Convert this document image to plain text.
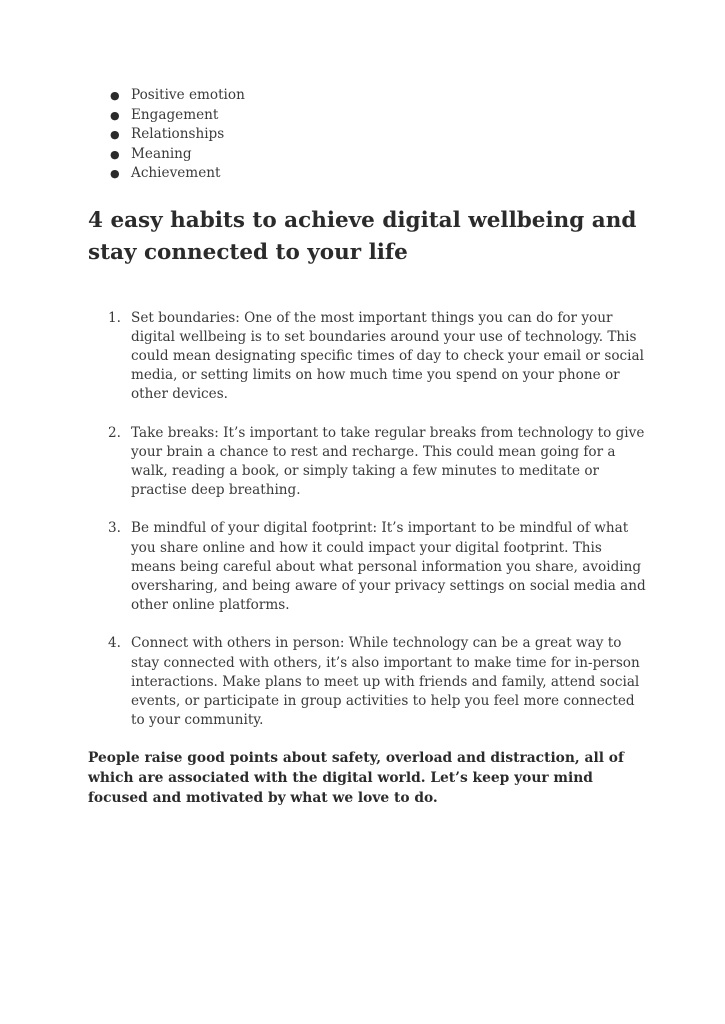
● Positive emotion
● Engagement
● Relationships
● Meaning
● Achievement
4 easy habits to achieve digital wellbeing and stay connected to your life
1. Set boundaries: One of the most important things you can do for your digital wellbeing is to set boundaries around your use of technology. This could mean designating specific times of day to check your email or social media, or setting limits on how much time you spend on your phone or other devices.
2. Take breaks: It’s important to take regular breaks from technology to give your brain a chance to rest and recharge. This could mean going for a walk, reading a book, or simply taking a few minutes to meditate or practise deep breathing.
3. Be mindful of your digital footprint: It’s important to be mindful of what you share online and how it could impact your digital footprint. This means being careful about what personal information you share, avoiding oversharing, and being aware of your privacy settings on social media and other online platforms.
4. Connect with others in person: While technology can be a great way to stay connected with others, it’s also important to make time for in-person interactions. Make plans to meet up with friends and family, attend social events, or participate in group activities to help you feel more connected to your community.

People raise good points about safety, overload and distraction, all of which are associated with the digital world. Let’s keep your mind focused and motivated by what we love to do.
